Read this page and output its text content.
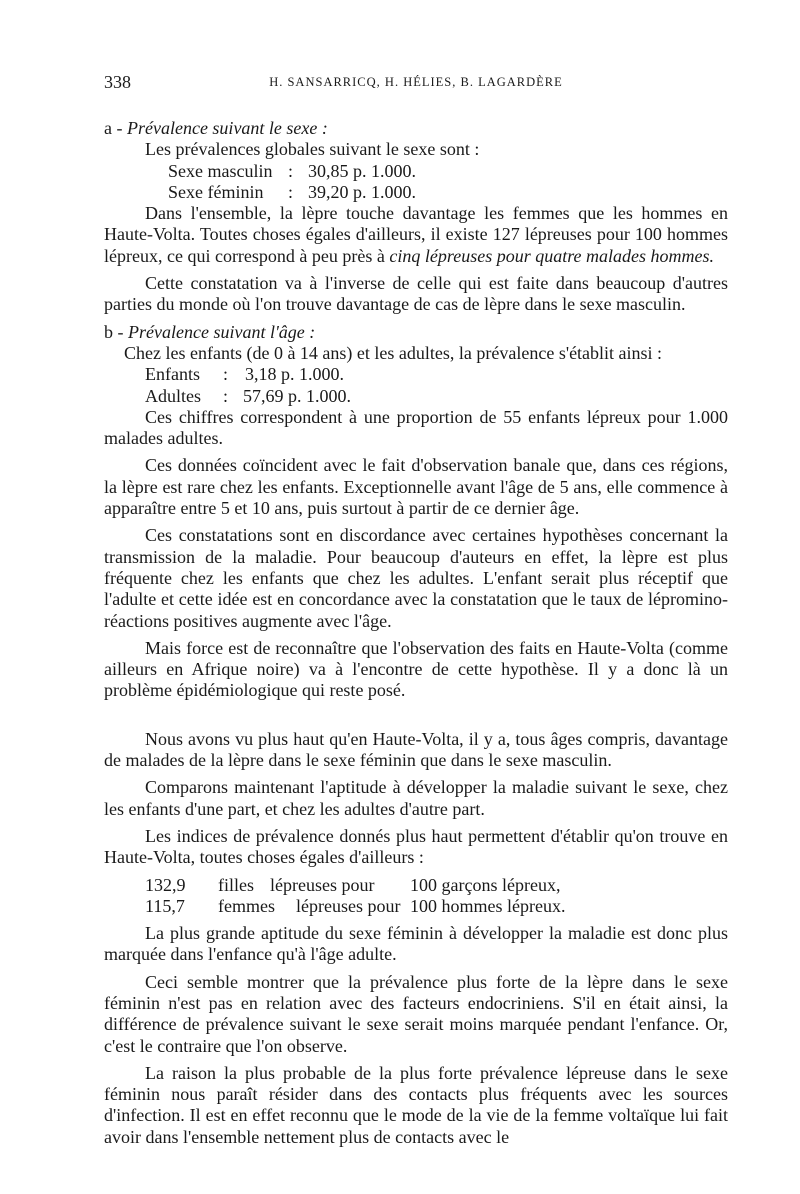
338	H. SANSARRICQ, H. HÉLIES, B. LAGARDÈRE

a - Prévalence suivant le sexe :

Les prévalences globales suivant le sexe sont :

Sexe masculin : 30,85 p. 1.000.
Sexe féminin	: 39,20 p. 1.000.

Dans l'ensemble, la lèpre touche davantage les femmes que les hommes en Haute-Volta. Toutes choses égales d'ailleurs, il existe 127 lépreuses pour 100 hommes lépreux, ce qui correspond à peu près à cinq lépreuses pour quatre malades hommes.

Cette constatation va à l'inverse de celle qui est faite dans beaucoup d'autres parties du monde où l'on trouve davantage de cas de lèpre dans le sexe masculin.

b - Prévalence suivant l'âge :

Chez les enfants (de 0 à 14 ans) et les adultes, la prévalence s'établit ainsi :

Enfants	: 3,18 p. 1.000.
Adultes	: 57,69 p. 1.000.

Ces chiffres correspondent à une proportion de 55 enfants lépreux pour 1.000 malades adultes.

Ces données coïncident avec le fait d'observation banale que, dans ces régions, la lèpre est rare chez les enfants. Exceptionnelle avant l'âge de 5 ans, elle commence à apparaître entre 5 et 10 ans, puis surtout à partir de ce dernier âge.

Ces constatations sont en discordance avec certaines hypothèses concernant la transmission de la maladie. Pour beaucoup d'auteurs en effet, la lèpre est plus fréquente chez les enfants que chez les adultes. L'enfant serait plus réceptif que l'adulte et cette idée est en concordance avec la constatation que le taux de lépromino-réactions positives augmente avec l'âge.

Mais force est de reconnaître que l'observation des faits en Haute-Volta (comme ailleurs en Afrique noire) va à l'encontre de cette hypothèse. Il y a donc là un problème épidémiologique qui reste posé.

Nous avons vu plus haut qu'en Haute-Volta, il y a, tous âges compris, davantage de malades de la lèpre dans le sexe féminin que dans le sexe masculin.

Comparons maintenant l'aptitude à développer la maladie suivant le sexe, chez les enfants d'une part, et chez les adultes d'autre part.

Les indices de prévalence donnés plus haut permettent d'établir qu'on trouve en Haute-Volta, toutes choses égales d'ailleurs :

132,9	filles lépreuses pour	100 garçons lépreux,
115,7	femmes	lépreuses pour 100 hommes lépreux.

La plus grande aptitude du sexe féminin à développer la maladie est donc plus marquée dans l'enfance qu'à l'âge adulte.

Ceci semble montrer que la prévalence plus forte de la lèpre dans le sexe féminin n'est pas en relation avec des facteurs endocriniens. S'il en était ainsi, la différence de prévalence suivant le sexe serait moins marquée pendant l'enfance. Or, c'est le contraire que l'on observe.

La raison la plus probable de la plus forte prévalence lépreuse dans le sexe féminin nous paraît résider dans des contacts plus fréquents avec les sources d'infection. Il est en effet reconnu que le mode de la vie de la femme voltaïque lui fait avoir dans l'ensemble nettement plus de contacts avec le
